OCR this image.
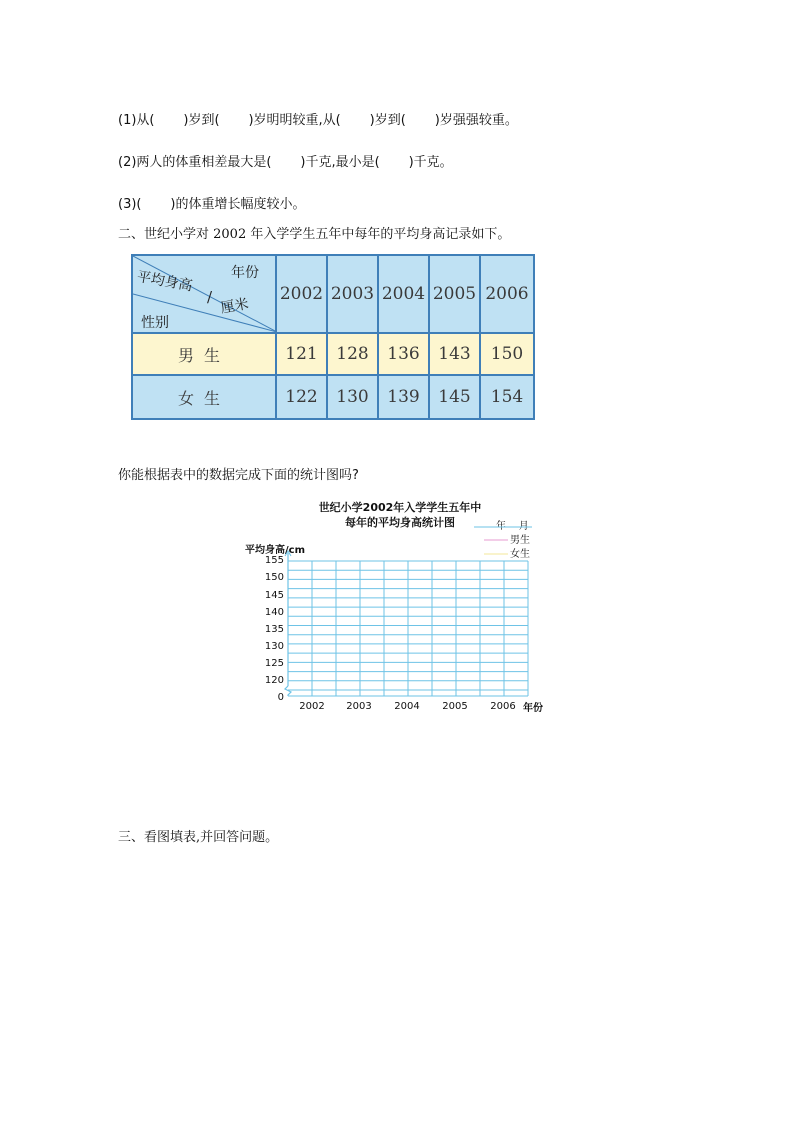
(1)从(       )岁到(       )岁明明较重,从(       )岁到(       )岁强强较重。
(2)两人的体重相差最大是(       )千克,最小是(       )千克。
(3)(       )的体重增长幅度较小。
二、世纪小学对 2002 年入学学生五年中每年的平均身高记录如下。
年份
平均身高
/ 厘米
性别	2002	2003	2004	2005	2006
男生	121	128	136	143	150
女生	122	130	139	145	154
你能根据表中的数据完成下面的统计图吗?
世纪小学2002年入学学生五年中
每年的平均身高统计图	年    月
男生
女生
平均身高/cm
年份
155
150
145
140
135
130
125
120
0
2002	2003	2004	2005	2006
三、看图填表,并回答问题。
